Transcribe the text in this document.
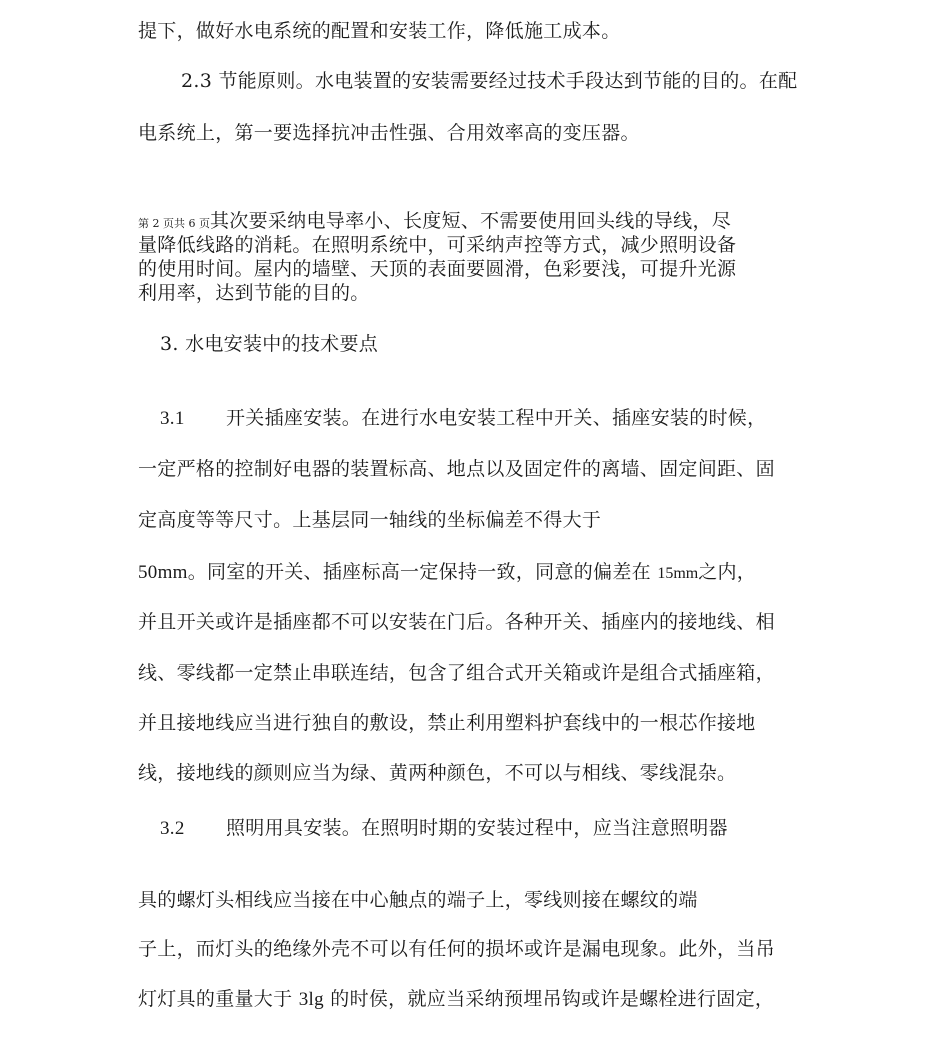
提下，做好水电系统的配置和安装工作，降低施工成本。
2.3 节能原则。水电装置的安装需要经过技术手段达到节能的目的。在配
电系统上，第一要选择抗冲击性强、合用效率高的变压器。
第 2 页共 6 页其次要采纳电导率小、长度短、不需要使用回头线的导线，尽
量降低线路的消耗。在照明系统中，可采纳声控等方式，减少照明设备
的使用时间。屋内的墙壁、天顶的表面要圆滑，色彩要浅，可提升光源
利用率，达到节能的目的。
3. 水电安装中的技术要点
3.1 开关插座安装。在进行水电安装工程中开关、插座安装的时候，
一定严格的控制好电器的装置标高、地点以及固定件的离墙、固定间距、固
定高度等等尺寸。上基层同一轴线的坐标偏差不得大于
50mm。同室的开关、插座标高一定保持一致，同意的偏差在 15mm之内，
并且开关或许是插座都不可以安装在门后。各种开关、插座内的接地线、相
线、零线都一定禁止串联连结，包含了组合式开关箱或许是组合式插座箱，
并且接地线应当进行独自的敷设，禁止利用塑料护套线中的一根芯作接地
线，接地线的颜则应当为绿、黄两种颜色，不可以与相线、零线混杂。
3.2 照明用具安装。在照明时期的安装过程中，应当注意照明器
具的螺灯头相线应当接在中心触点的端子上，零线则接在螺纹的端
子上，而灯头的绝缘外壳不可以有任何的损坏或许是漏电现象。此外，当吊
灯灯具的重量大于 3lg 的时侯，就应当采纳预埋吊钩或许是螺栓进行固定，
